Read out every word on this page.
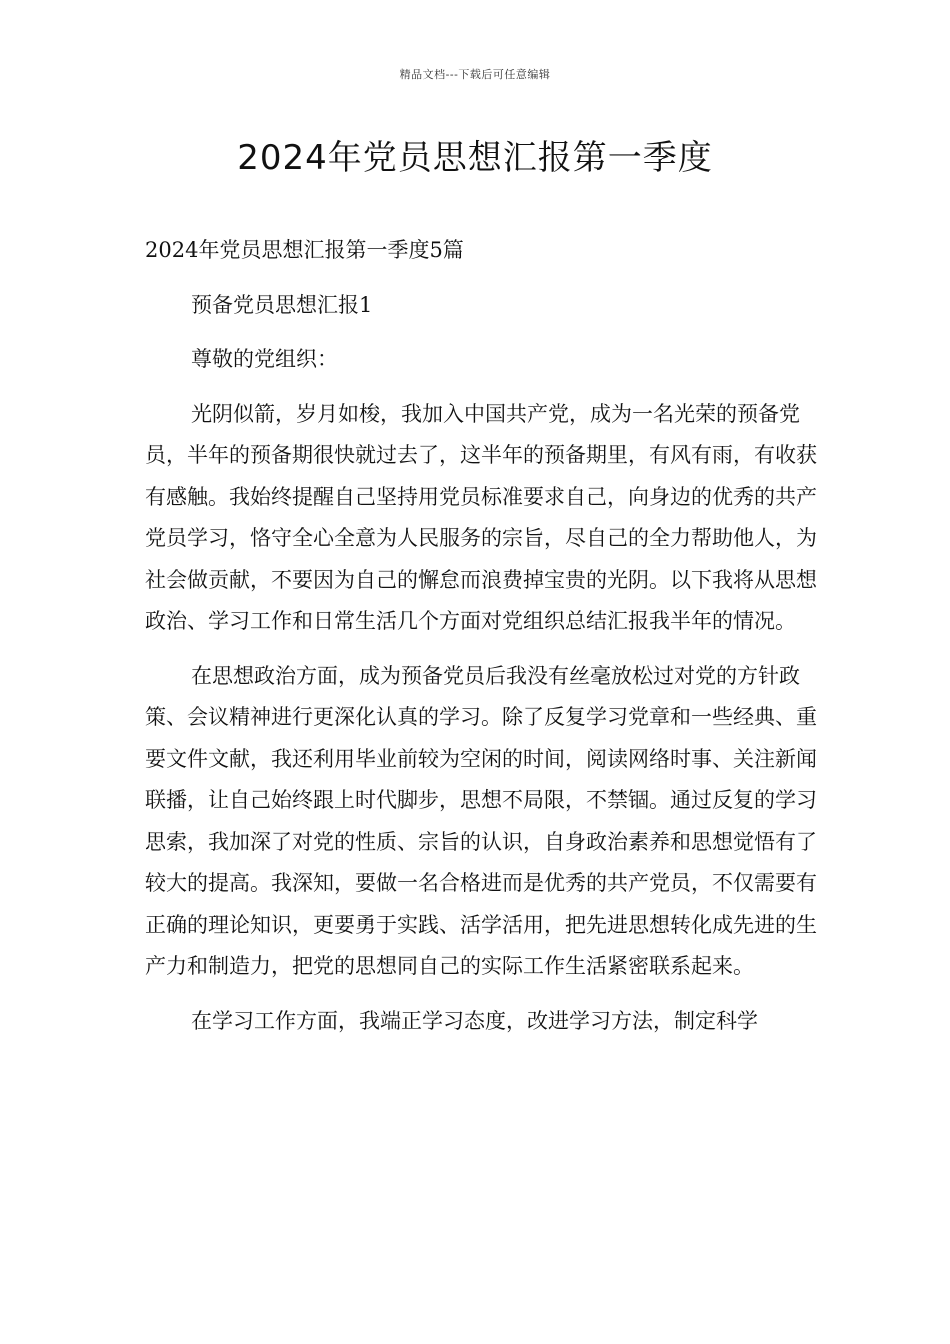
精品文档---下载后可任意编辑
2024年党员思想汇报第一季度

2024年党员思想汇报第一季度5篇

预备党员思想汇报1

尊敬的党组织：

光阴似箭，岁月如梭，我加入中国共产党，成为一名光荣的预备党员，半年的预备期很快就过去了，这半年的预备期里，有风有雨，有收获有感触。我始终提醒自己坚持用党员标准要求自己，向身边的优秀的共产党员学习，恪守全心全意为人民服务的宗旨，尽自己的全力帮助他人，为社会做贡献，不要因为自己的懈怠而浪费掉宝贵的光阴。以下我将从思想政治、学习工作和日常生活几个方面对党组织总结汇报我半年的情况。

在思想政治方面，成为预备党员后我没有丝毫放松过对党的方针政策、会议精神进行更深化认真的学习。除了反复学习党章和一些经典、重要文件文献，我还利用毕业前较为空闲的时间，阅读网络时事、关注新闻联播，让自己始终跟上时代脚步，思想不局限，不禁锢。通过反复的学习思索，我加深了对党的性质、宗旨的认识，自身政治素养和思想觉悟有了较大的提高。我深知，要做一名合格进而是优秀的共产党员，不仅需要有正确的理论知识，更要勇于实践、活学活用，把先进思想转化成先进的生产力和制造力，把党的思想同自己的实际工作生活紧密联系起来。

在学习工作方面，我端正学习态度，改进学习方法，制定科学
